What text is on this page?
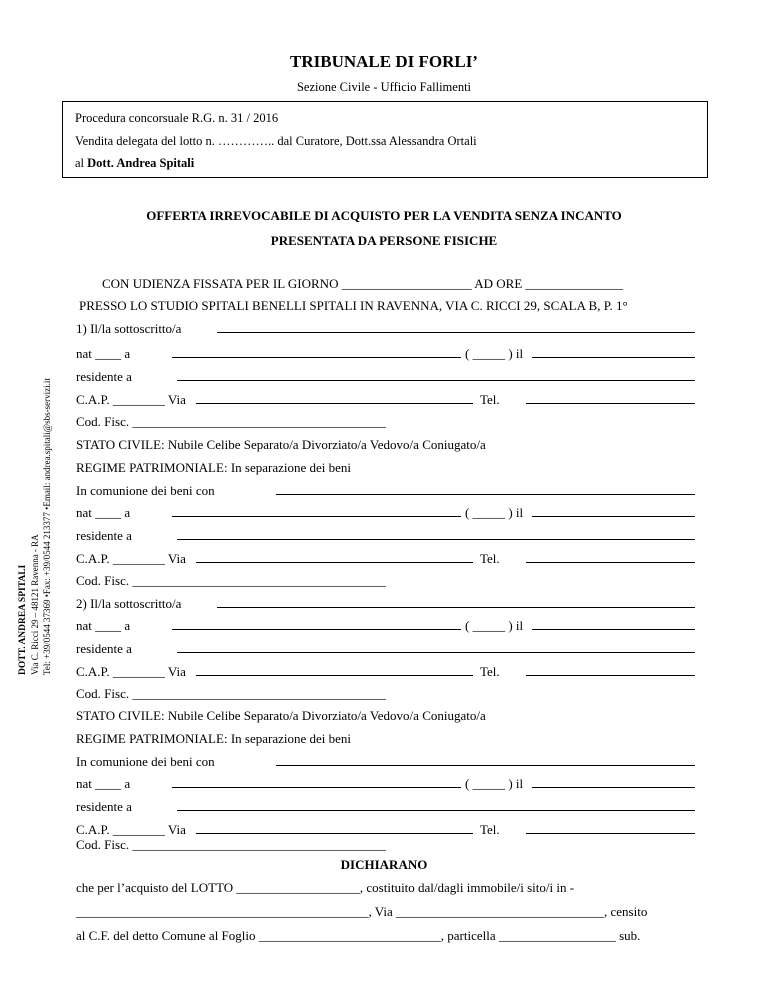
TRIBUNALE DI FORLI’
Sezione Civile - Ufficio Fallimenti
Procedura concorsuale R.G. n. 31 / 2016
Vendita delegata del lotto n. ………….. dal Curatore, Dott.ssa Alessandra Ortali
al Dott. Andrea Spitali
OFFERTA IRREVOCABILE DI ACQUISTO PER LA VENDITA SENZA INCANTO
PRESENTATA DA PERSONE FISICHE
CON UDIENZA FISSATA PER IL GIORNO ____________________ AD ORE _______________
PRESSO LO STUDIO SPITALI BENELLI SPITALI IN RAVENNA, VIA C. RICCI 29, SCALA B, P. 1°
DOTT. ANDREA SPITALI Via C. Ricci 29 – 48121 Ravenna - RA Tel: +39/0544 37369 •Fax: +39/0544 213377 •Email: andrea.spitali@sbs-servizi.it
1) Il/la sottoscritto/a
nat ____ a	( _____ ) il
residente a
C.A.P. ________ Via	Tel.
Cod. Fisc. _______________________________________
STATO CIVILE: Nubile Celibe Separato/a Divorziato/a Vedovo/a Coniugato/a
REGIME PATRIMONIALE: In separazione dei beni
In comunione dei beni con
nat ____ a	( _____ ) il
residente a
C.A.P. ________ Via	Tel.
Cod. Fisc. _______________________________________
2) Il/la sottoscritto/a
nat ____ a	( _____ ) il
residente a
C.A.P. ________ Via	Tel.
Cod. Fisc. _______________________________________
STATO CIVILE: Nubile Celibe Separato/a Divorziato/a Vedovo/a Coniugato/a
REGIME PATRIMONIALE: In separazione dei beni
In comunione dei beni con
nat ____ a	( _____ ) il
residente a
C.A.P. ________ Via	Tel.
Cod. Fisc. _______________________________________
DICHIARANO
che per l’acquisto del LOTTO ___________________, costituito dal/dagli immobile/i sito/i in -
_____________________________________________, Via ________________________________, censito
al C.F. del detto Comune al Foglio ____________________________, particella __________________ sub.
